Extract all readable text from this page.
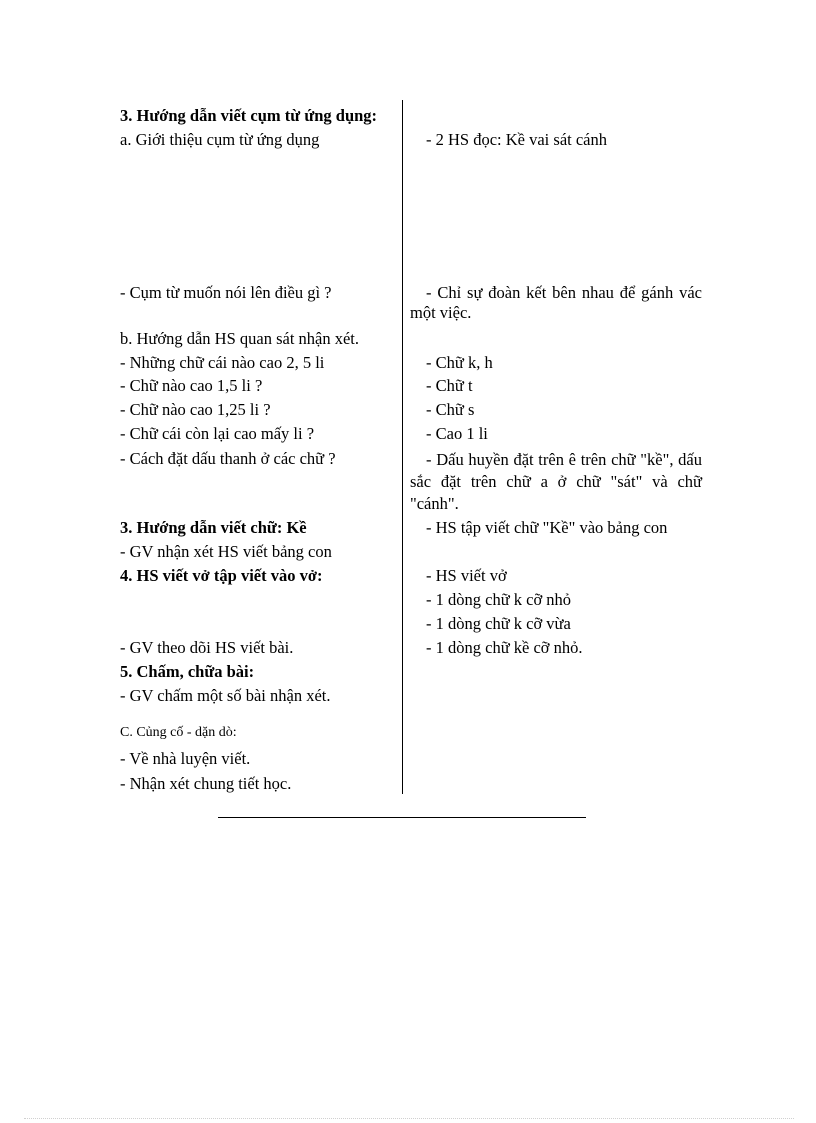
3. Hướng dẫn viết cụm từ ứng dụng:
a. Giới thiệu cụm từ ứng dụng
- Cụm từ muốn nói lên điều gì ?
b. Hướng dẫn HS quan sát nhận xét.
- Những chữ cái nào cao 2, 5 li
- Chữ nào cao 1,5 li ?
- Chữ nào cao 1,25 li ?
- Chữ cái còn lại cao mấy li ?
- Cách đặt dấu thanh ở các chữ ?
3. Hướng dẫn viết chữ: Kề
- GV nhận xét HS viết bảng con
4. HS viết vở tập viết vào vở:
- GV theo dõi HS viết bài.
5. Chấm, chữa bài:
- GV chấm một số bài nhận xét.
C. Củng cố - dặn dò:
- Về nhà luyện viết.
- Nhận xét chung tiết học.
- 2 HS đọc: Kề vai sát cánh
- Chỉ sự đoàn kết bên nhau để gánh vác một việc.
- Chữ k, h
- Chữ t
- Chữ s
- Cao 1 li
- Dấu huyền đặt trên ê trên chữ "kề", dấu sắc đặt trên chữ a ở chữ "sát" và chữ "cánh".
- HS tập viết chữ "Kề" vào bảng con
- HS viết vở
- 1 dòng chữ k cỡ nhỏ
- 1 dòng chữ k cỡ vừa
- 1 dòng chữ kề cỡ nhỏ.
